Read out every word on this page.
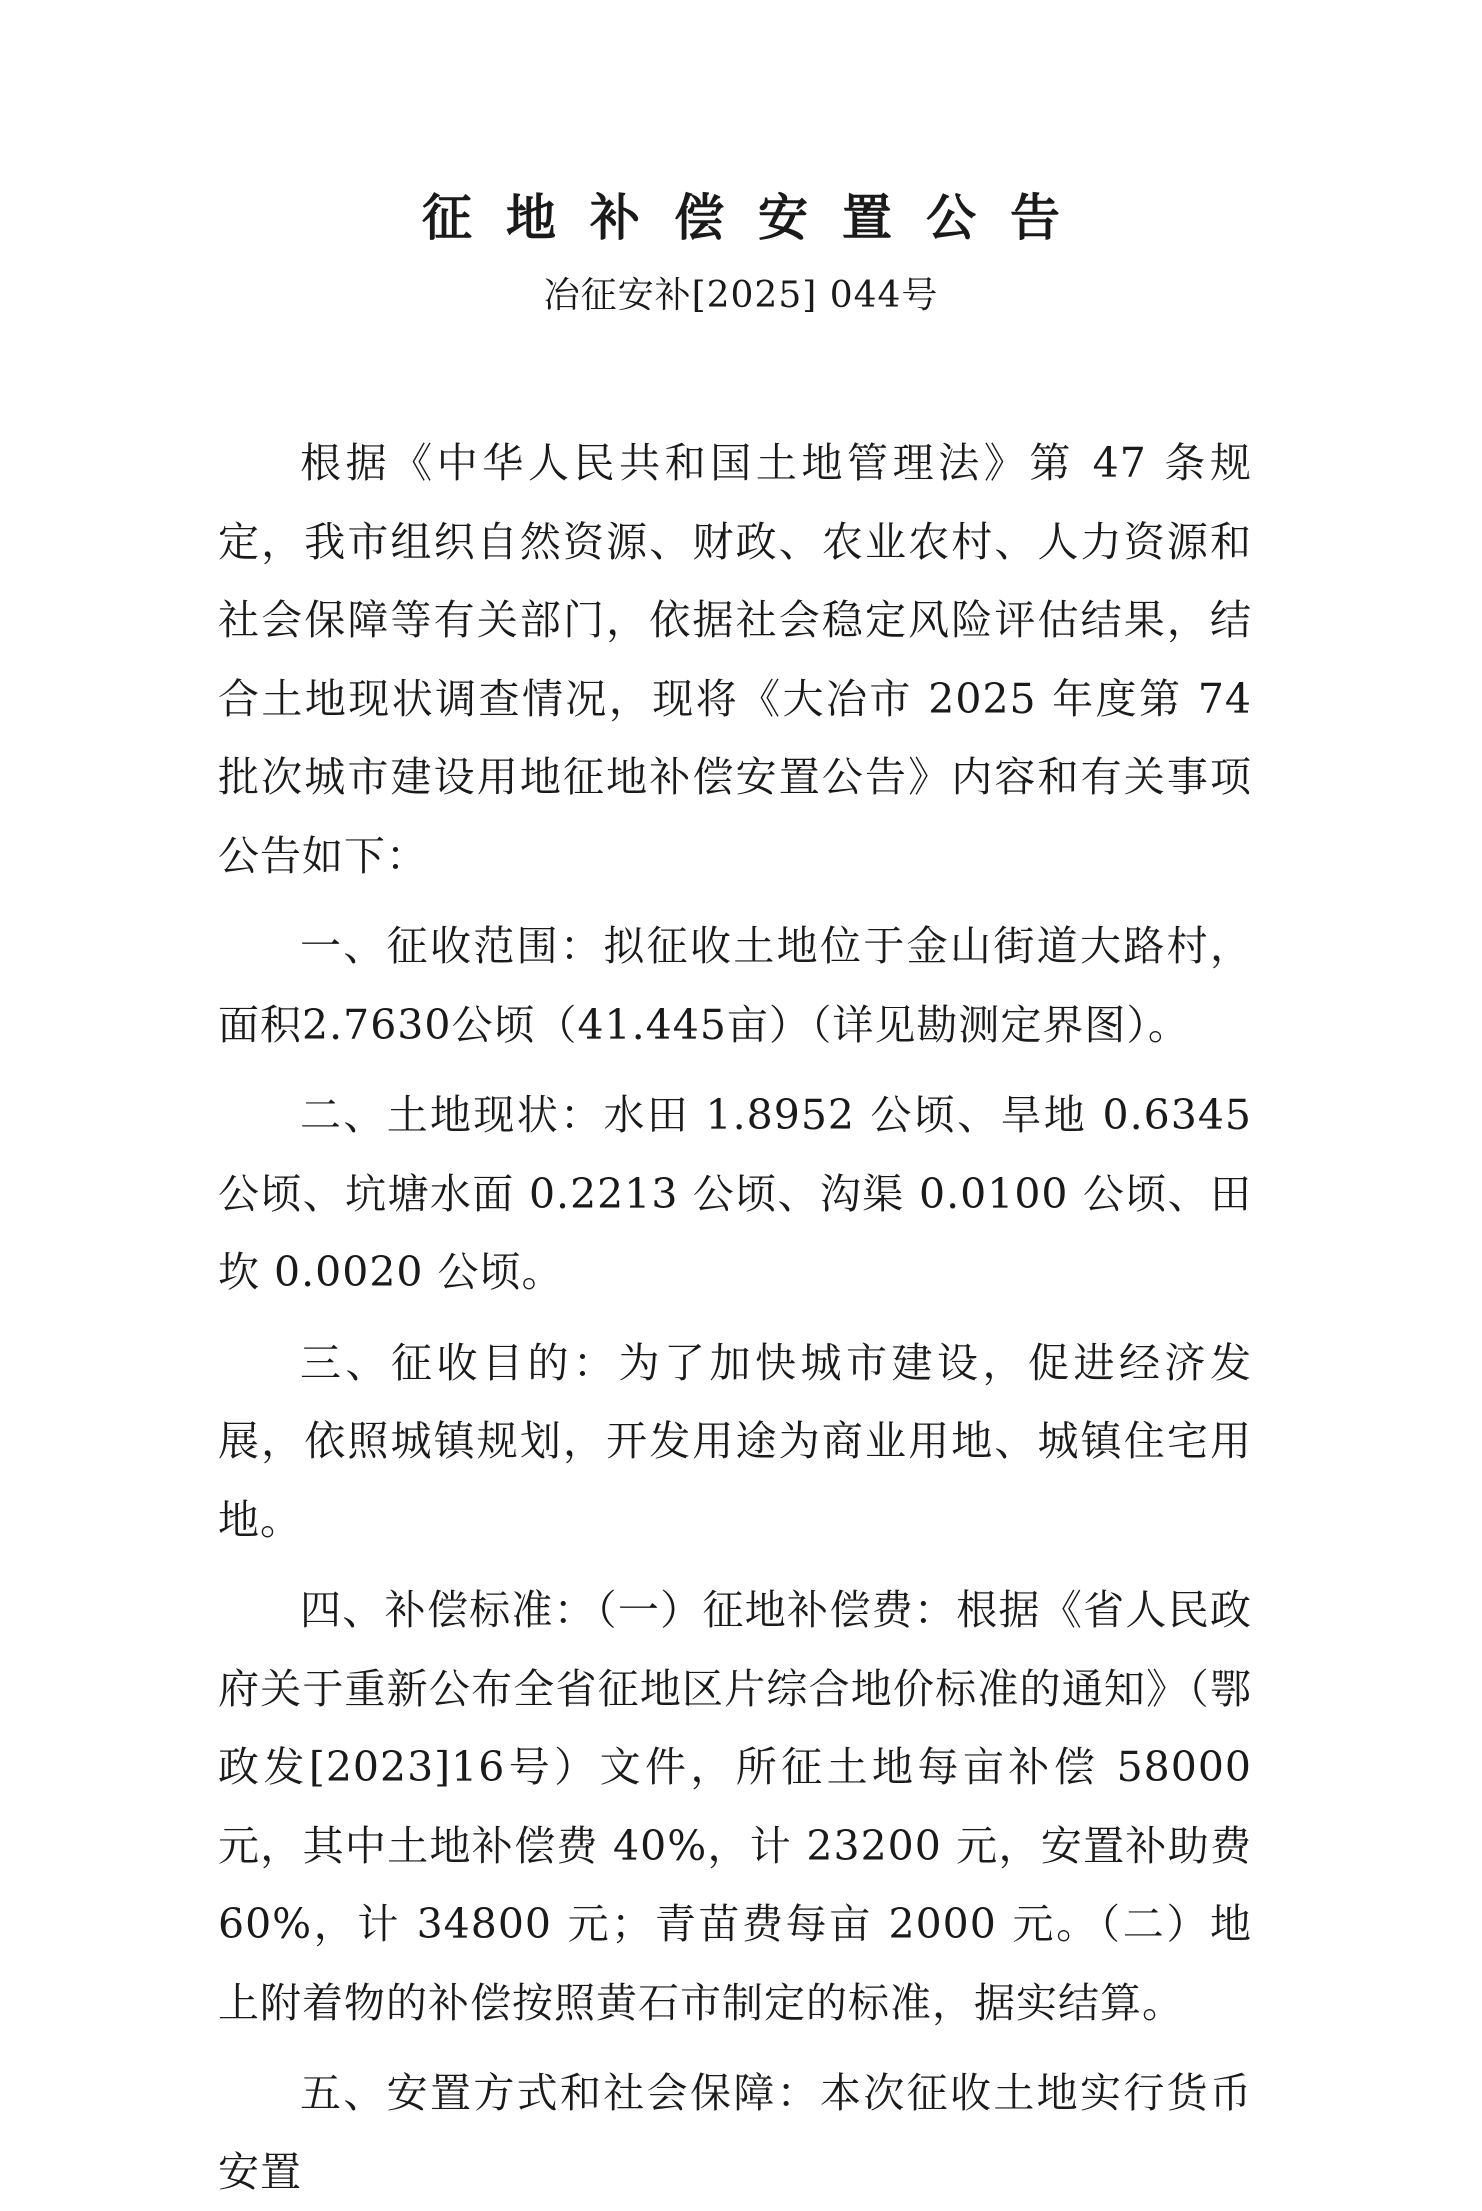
征地补偿安置公告
冶征安补[2025] 044号

根据《中华人民共和国土地管理法》第 47 条规定，我市组织自然资源、财政、农业农村、人力资源和社会保障等有关部门，依据社会稳定风险评估结果，结合土地现状调查情况，现将《大冶市 2025 年度第 74 批次城市建设用地征地补偿安置公告》内容和有关事项公告如下：

一、征收范围：拟征收土地位于金山街道大路村，面积2.7630公顷（41.445亩）（详见勘测定界图）。

二、土地现状：水田 1.8952 公顷、旱地 0.6345 公顷、坑塘水面 0.2213 公顷、沟渠 0.0100 公顷、田坎 0.0020 公顷。

三、征收目的：为了加快城市建设，促进经济发展，依照城镇规划，开发用途为商业用地、城镇住宅用地。

四、补偿标准：（一）征地补偿费：根据《省人民政府关于重新公布全省征地区片综合地价标准的通知》（鄂政发[2023]16号）文件，所征土地每亩补偿 58000 元，其中土地补偿费 40%，计 23200 元，安置补助费 60%，计 34800 元；青苗费每亩 2000 元。（二）地上附着物的补偿按照黄石市制定的标准，据实结算。

五、安置方式和社会保障：本次征收土地实行货币安置
